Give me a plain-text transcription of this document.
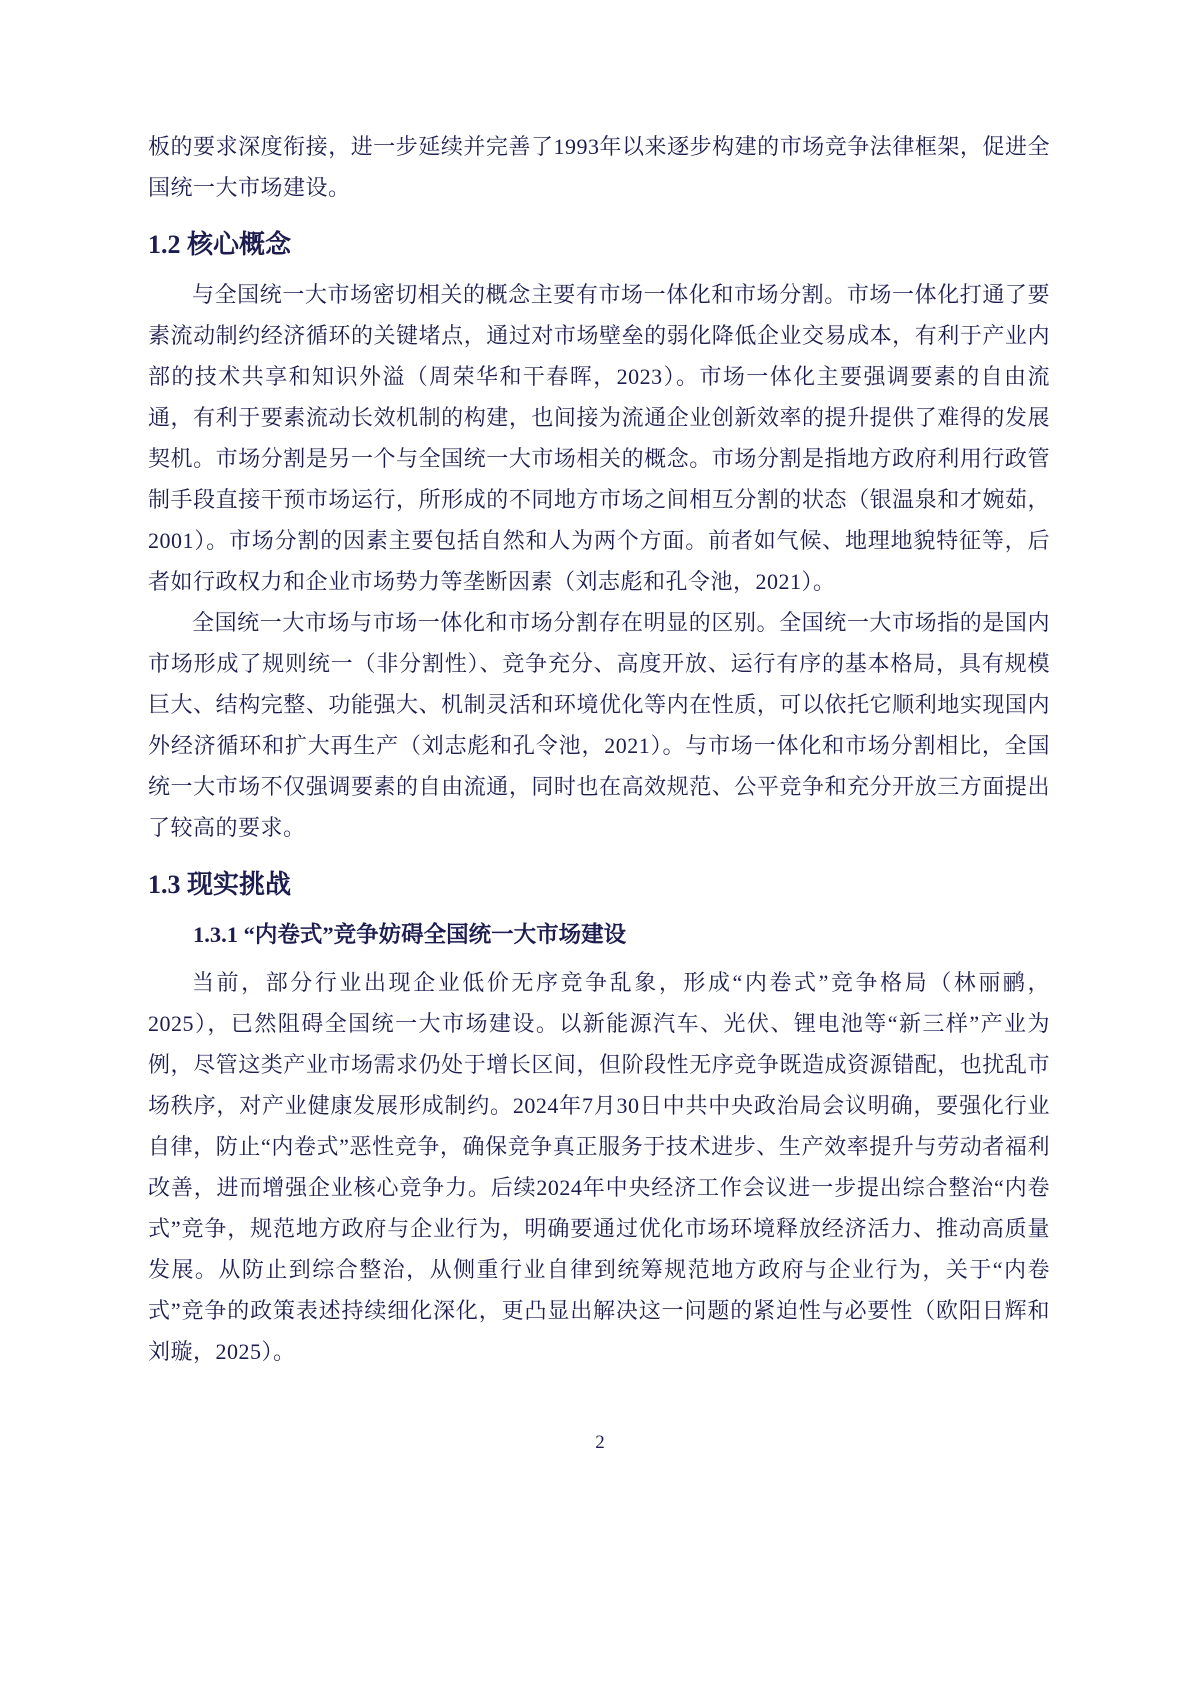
板的要求深度衔接，进一步延续并完善了1993年以来逐步构建的市场竞争法律框架，促进全国统一大市场建设。

1.2 核心概念

与全国统一大市场密切相关的概念主要有市场一体化和市场分割。市场一体化打通了要素流动制约经济循环的关键堵点，通过对市场壁垒的弱化降低企业交易成本，有利于产业内部的技术共享和知识外溢（周荣华和干春晖，2023）。市场一体化主要强调要素的自由流通，有利于要素流动长效机制的构建，也间接为流通企业创新效率的提升提供了难得的发展契机。市场分割是另一个与全国统一大市场相关的概念。市场分割是指地方政府利用行政管制手段直接干预市场运行，所形成的不同地方市场之间相互分割的状态（银温泉和才婉茹，2001）。市场分割的因素主要包括自然和人为两个方面。前者如气候、地理地貌特征等，后者如行政权力和企业市场势力等垄断因素（刘志彪和孔令池，2021）。

全国统一大市场与市场一体化和市场分割存在明显的区别。全国统一大市场指的是国内市场形成了规则统一（非分割性）、竞争充分、高度开放、运行有序的基本格局，具有规模巨大、结构完整、功能强大、机制灵活和环境优化等内在性质，可以依托它顺利地实现国内外经济循环和扩大再生产（刘志彪和孔令池，2021）。与市场一体化和市场分割相比，全国统一大市场不仅强调要素的自由流通，同时也在高效规范、公平竞争和充分开放三方面提出了较高的要求。

1.3 现实挑战
1.3.1 “内卷式”竞争妨碍全国统一大市场建设

当前，部分行业出现企业低价无序竞争乱象，形成“内卷式”竞争格局（林丽鹂，2025），已然阻碍全国统一大市场建设。以新能源汽车、光伏、锂电池等“新三样”产业为例，尽管这类产业市场需求仍处于增长区间，但阶段性无序竞争既造成资源错配，也扰乱市场秩序，对产业健康发展形成制约。2024年7月30日中共中央政治局会议明确，要强化行业自律，防止“内卷式”恶性竞争，确保竞争真正服务于技术进步、生产效率提升与劳动者福利改善，进而增强企业核心竞争力。后续2024年中央经济工作会议进一步提出综合整治“内卷式”竞争，规范地方政府与企业行为，明确要通过优化市场环境释放经济活力、推动高质量发展。从防止到综合整治，从侧重行业自律到统筹规范地方政府与企业行为，关于“内卷式”竞争的政策表述持续细化深化，更凸显出解决这一问题的紧迫性与必要性（欧阳日辉和刘璇，2025）。

2
